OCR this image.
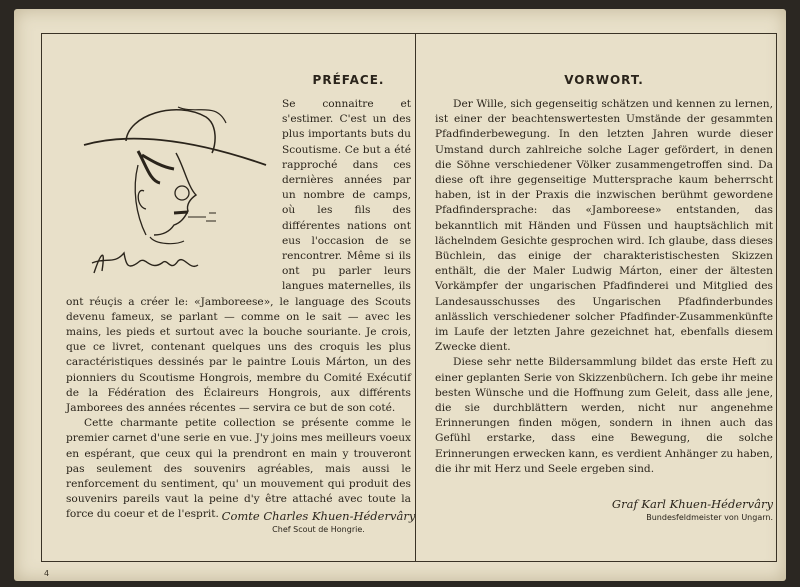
PRÉFACE.

Se connaitre et s'estimer. C'est un des plus importants buts du Scoutisme. Ce but a été rapproché dans ces dernières années par un nombre de camps, où les fils des différentes nations ont eus l'occasion de se rencontrer. Même si ils ont pu parler leurs langues maternelles, ils ont réuçis a créer le: «Jamboreese», le language des Scouts devenu fameux, se parlant — comme on le sait — avec les mains, les pieds et surtout avec la bouche souriante. Je crois, que ce livret, contenant quelques uns des croquis les plus caractéristiques dessinés par le paintre Louis Márton, un des pionniers du Scoutisme Hongrois, membre du Comité Exécutif de la Fédération des Éclaireurs Hongrois, aux différents Jamborees des années récentes — servira ce but de son coté.

Cette charmante petite collection se présente comme le premier carnet d'une serie en vue. J'y joins mes meilleurs voeux en espérant, que ceux qui la prendront en main y trouveront pas seulement des souvenirs agréables, mais aussi le renforcement du sentiment, qu' un mouvement qui produit des souvenirs pareils vaut la peine d'y être attaché avec toute la force du coeur et de l'esprit. Comte Charles Khuen-Hédervâry

Chef Scout de Hongrie.

VORWORT.

Der Wille, sich gegenseitig schätzen und kennen zu lernen, ist einer der beachtenswertesten Umstände der gesammten Pfadfinderbewegung. In den letzten Jahren wurde dieser Umstand durch zahlreiche solche Lager gefördert, in denen die Söhne verschiedener Völker zusammengetroffen sind. Da diese oft ihre gegenseitige Muttersprache kaum beherrscht haben, ist in der Praxis die inzwischen berühmt gewordene Pfadfindersprache: das «Jamboreese» entstanden, das bekanntlich mit Händen und Füssen und hauptsächlich mit lächelndem Gesichte gesprochen wird. Ich glaube, dass dieses Büchlein, das einige der charakteristischesten Skizzen enthält, die der Maler Ludwig Márton, einer der ältesten Vorkämpfer der ungarischen Pfadfinderei und Mitglied des Landesausschusses des Ungarischen Pfadfinderbundes anlässlich verschiedener solcher Pfadfinder-Zusammenkünfte im Laufe der letzten Jahre gezeichnet hat, ebenfalls diesem Zwecke dient.

Diese sehr nette Bildersammlung bildet das erste Heft zu einer geplanten Serie von Skizzenbüchern. Ich gebe ihr meine besten Wünsche und die Hoffnung zum Geleit, dass alle jene, die sie durchblättern werden, nicht nur angenehme Erinnerungen finden mögen, sondern in ihnen auch das Gefühl erstarke, dass eine Bewegung, die solche Erinnerungen erwecken kann, es verdient Anhänger zu haben, die ihr mit Herz und Seele ergeben sind.

Graf Karl Khuen-Hédervâry

Bundesfeldmeister von Ungarn.

4
